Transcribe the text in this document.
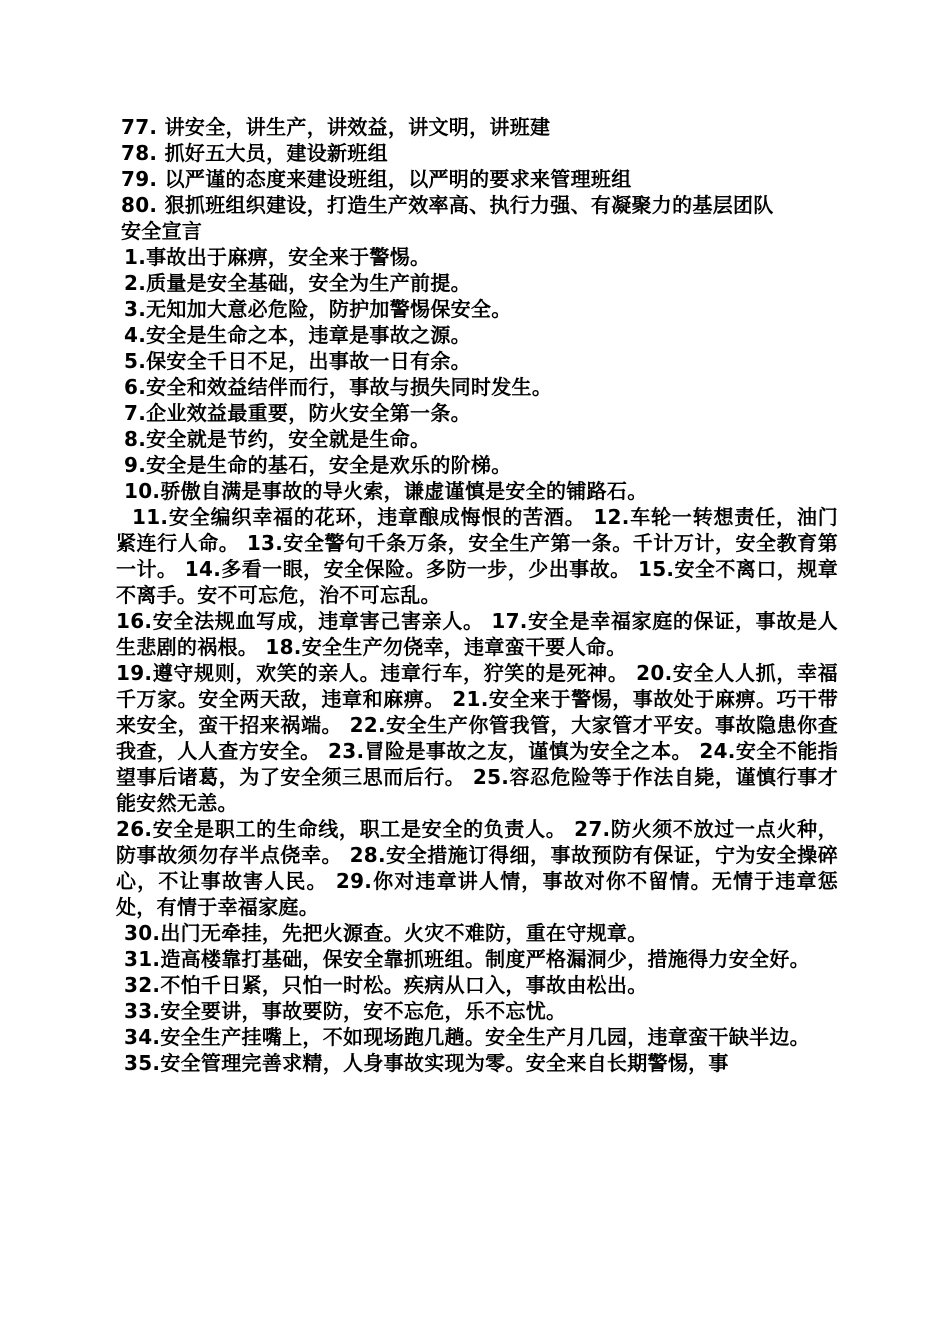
77. 讲安全，讲生产，讲效益，讲文明，讲班建
78. 抓好五大员，建设新班组
79. 以严谨的态度来建设班组，以严明的要求来管理班组
80. 狠抓班组织建设，打造生产效率高、执行力强、有凝聚力的基层团队
安全宣言
1.事故出于麻痹，安全来于警惕。
2.质量是安全基础，安全为生产前提。
3.无知加大意必危险，防护加警惕保安全。
4.安全是生命之本，违章是事故之源。
5.保安全千日不足，出事故一日有余。
6.安全和效益结伴而行，事故与损失同时发生。
7.企业效益最重要，防火安全第一条。
8.安全就是节约，安全就是生命。
9.安全是生命的基石，安全是欢乐的阶梯。
10.骄傲自满是事故的导火索，谦虚谨慎是安全的铺路石。
11.安全编织幸福的花环，违章酿成悔恨的苦酒。 12.车轮一转想责任，油门紧连行人命。 13.安全警句千条万条，安全生产第一条。千计万计，安全教育第一计。 14.多看一眼，安全保险。多防一步，少出事故。 15.安全不离口，规章不离手。安不可忘危，治不可忘乱。
16.安全法规血写成，违章害己害亲人。 17.安全是幸福家庭的保证，事故是人生悲剧的祸根。 18.安全生产勿侥幸，违章蛮干要人命。
19.遵守规则，欢笑的亲人。违章行车，狞笑的是死神。 20.安全人人抓，幸福千万家。安全两天敌，违章和麻痹。 21.安全来于警惕，事故处于麻痹。巧干带来安全，蛮干招来祸端。 22.安全生产你管我管，大家管才平安。事故隐患你查我查，人人查方安全。 23.冒险是事故之友，谨慎为安全之本。 24.安全不能指望事后诸葛，为了安全须三思而后行。 25.容忍危险等于作法自毙，谨慎行事才能安然无恙。
26.安全是职工的生命线，职工是安全的负责人。 27.防火须不放过一点火种，防事故须勿存半点侥幸。 28.安全措施订得细，事故预防有保证，宁为安全操碎心，不让事故害人民。 29.你对违章讲人情，事故对你不留情。无情于违章惩处，有情于幸福家庭。
30.出门无牵挂，先把火源查。火灾不难防，重在守规章。
31.造高楼靠打基础，保安全靠抓班组。制度严格漏洞少，措施得力安全好。
32.不怕千日紧，只怕一时松。疾病从口入，事故由松出。
33.安全要讲，事故要防，安不忘危，乐不忘忧。
34.安全生产挂嘴上，不如现场跑几趟。安全生产月几园，违章蛮干缺半边。
35.安全管理完善求精，人身事故实现为零。安全来自长期警惕，事
